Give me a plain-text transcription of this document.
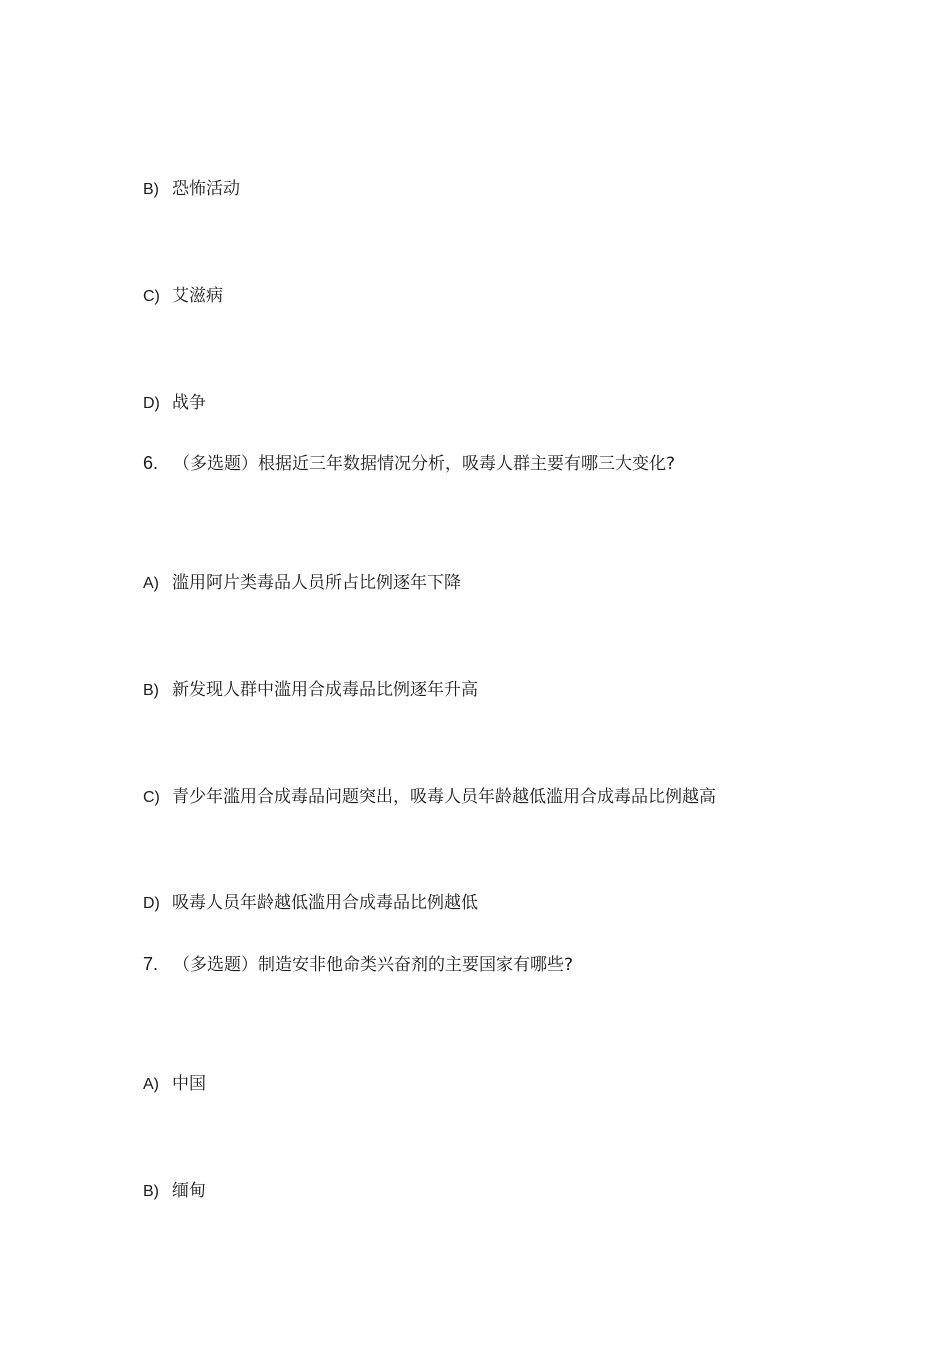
B) 恐怖活动
C) 艾滋病
D) 战争
6. （多选题）根据近三年数据情况分析，吸毒人群主要有哪三大变化?
A) 滥用阿片类毒品人员所占比例逐年下降
B) 新发现人群中滥用合成毒品比例逐年升高
C) 青少年滥用合成毒品问题突出，吸毒人员年龄越低滥用合成毒品比例越高
D) 吸毒人员年龄越低滥用合成毒品比例越低
7. （多选题）制造安非他命类兴奋剂的主要国家有哪些?
A) 中国
B) 缅甸
